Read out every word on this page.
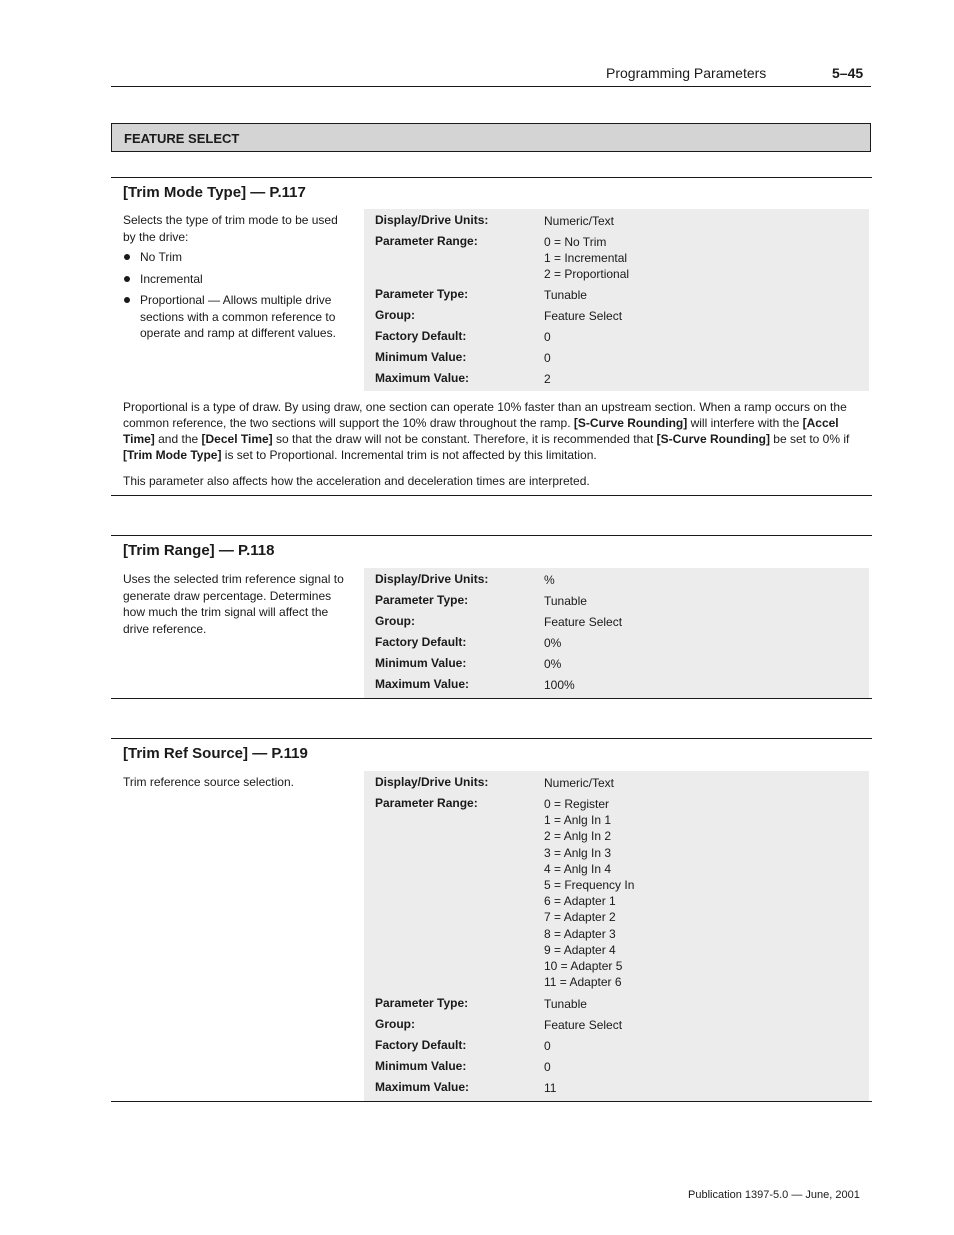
Programming Parameters	5–45
FEATURE SELECT
[Trim Mode Type] — P.117
Selects the type of trim mode to be used by the drive:
No Trim
Incremental
Proportional — Allows multiple drive sections with a common reference to operate and ramp at different values.
Display/Drive Units:	Numeric/Text
Parameter Range:	0 = No Trim
1 = Incremental
2 = Proportional
Parameter Type:	Tunable
Group:	Feature Select
Factory Default:	0
Minimum Value:	0
Maximum Value:	2
Proportional is a type of draw. By using draw, one section can operate 10% faster than an upstream section. When a ramp occurs on the common reference, the two sections will support the 10% draw throughout the ramp. [S-Curve Rounding] will interfere with the [Accel Time] and the [Decel Time] so that the draw will not be constant. Therefore, it is recommended that [S-Curve Rounding] be set to 0% if [Trim Mode Type] is set to Proportional. Incremental trim is not affected by this limitation.
This parameter also affects how the acceleration and deceleration times are interpreted.
[Trim Range] — P.118
Uses the selected trim reference signal to generate draw percentage. Determines how much the trim signal will affect the drive reference.
Display/Drive Units:	%
Parameter Type:	Tunable
Group:	Feature Select
Factory Default:	0%
Minimum Value:	0%
Maximum Value:	100%
[Trim Ref Source] — P.119
Trim reference source selection.	Display/Drive Units:	Numeric/Text
Parameter Range:	0 = Register
1 = Anlg In 1
2 = Anlg In 2
3 = Anlg In 3
4 = Anlg In 4
5 = Frequency In
6 = Adapter 1
7 = Adapter 2
8 = Adapter 3
9 = Adapter 4
10 = Adapter 5
11 = Adapter 6
Parameter Type:	Tunable
Group:	Feature Select
Factory Default:	0
Minimum Value:	0
Maximum Value:	11
Publication 1397-5.0 — June, 2001
